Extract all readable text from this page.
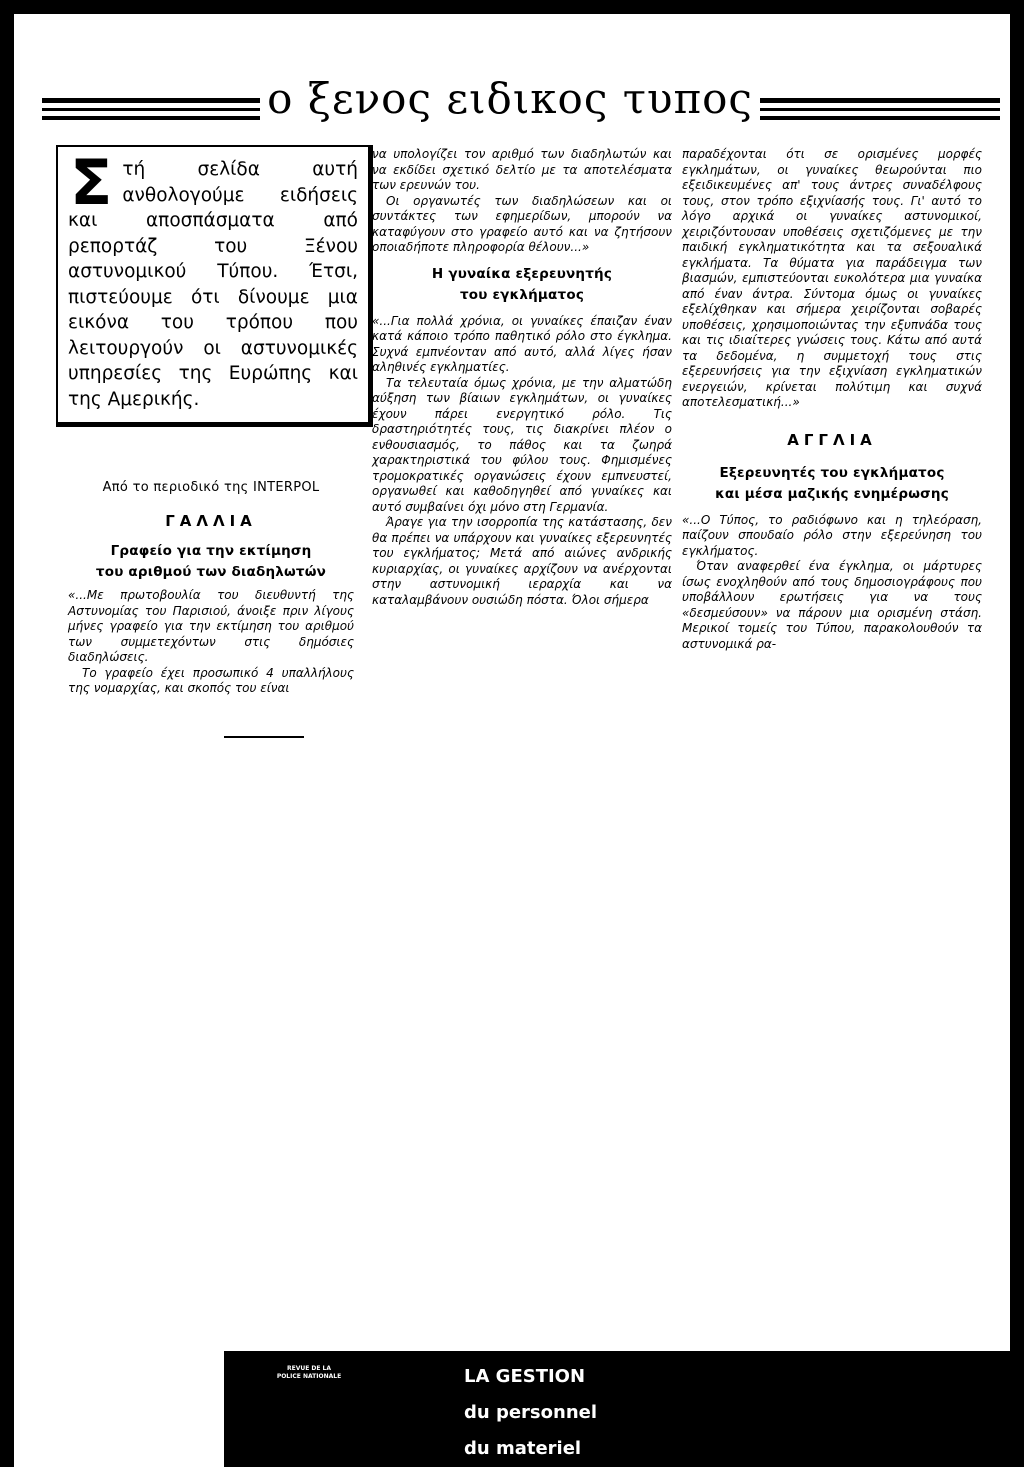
ο ξενος ειδικος τυπος
Σ τή σελίδα αυτή ανθολογούμε ειδήσεις και αποσπάσματα από ρεπορτάζ του Ξένου αστυνομικού Τύπου. Έτσι, πιστεύουμε ότι δίνουμε μια εικόνα του τρόπου που λειτουργούν οι αστυνομικές υπηρεσίες της Ευρώπης και της Αμερικής.

Από το περιοδικό της INTERPOL

ΓΑΛΛΙΑ

Γραφείο για την εκτίμηση

του αριθμού των διαδηλωτών

«...Με πρωτοβουλία του διευθυντή της Αστυνομίας του Παρισιού, άνοιξε πριν λίγους μήνες γραφείο για την εκτίμηση του αριθμού των συμμετεχόντων στις δημόσιες διαδηλώσεις.

Το γραφείο έχει προσωπικό 4 υπαλλήλους της νομαρχίας, και σκοπός του είναι

να υπολογίζει τον αριθμό των διαδηλωτών και να εκδίδει σχετικό δελτίο με τα αποτελέσματα των ερευνών του.

Οι οργανωτές των διαδηλώσεων και οι συντάκτες των εφημερίδων, μπορούν να καταφύγουν στο γραφείο αυτό και να ζητήσουν οποιαδήποτε πληροφορία θέλουν...»

Η γυναίκα εξερευνητής

του εγκλήματος

«...Για πολλά χρόνια, οι γυναίκες έπαιζαν έναν κατά κάποιο τρόπο παθητικό ρόλο στο έγκλημα. Συχνά εμπνέονταν από αυτό, αλλά λίγες ήσαν αληθινές εγκληματίες.

Τα τελευταία όμως χρόνια, με την αλματώδη αύξηση των βίαιων εγκλημάτων, οι γυναίκες έχουν πάρει ενεργητικό ρόλο. Τις δραστηριότητές τους, τις διακρίνει πλέον ο ενθουσιασμός, το πάθος και τα ζωηρά χαρακτηριστικά του φύλου τους. Φημισμένες τρομοκρατικές οργανώσεις έχουν εμπνευστεί, οργανωθεί και καθοδηγηθεί από γυναίκες και αυτό συμβαίνει όχι μόνο στη Γερμανία.

Άραγε για την ισορροπία της κατάστασης, δεν θα πρέπει να υπάρχουν και γυναίκες εξερευνητές του εγκλήματος; Μετά από αιώνες ανδρικής κυριαρχίας, οι γυναίκες αρχίζουν να ανέρχονται στην αστυνομική ιεραρχία και να καταλαμβάνουν ουσιώδη πόστα. Όλοι σήμερα

παραδέχονται ότι σε ορισμένες μορφές εγκλημάτων, οι γυναίκες θεωρούνται πιο εξειδικευμένες απ' τους άντρες συναδέλφους τους, στον τρόπο εξιχνίασής τους. Γι' αυτό το λόγο αρχικά οι γυναίκες αστυνομικοί, χειριζόντουσαν υποθέσεις σχετιζόμενες με την παιδική εγκληματικότητα και τα σεξουαλικά εγκλήματα. Τα θύματα για παράδειγμα των βιασμών, εμπιστεύονται ευκολότερα μια γυναίκα από έναν άντρα. Σύντομα όμως οι γυναίκες εξελίχθηκαν και σήμερα χειρίζονται σοβαρές υποθέσεις, χρησιμοποιώντας την εξυπνάδα τους και τις ιδιαίτερες γνώσεις τους. Κάτω από αυτά τα δεδομένα, η συμμετοχή τους στις εξερευνήσεις για την εξιχνίαση εγκληματικών ενεργειών, κρίνεται πολύτιμη και συχνά αποτελεσματική...»

ΑΓΓΛΙΑ

Εξερευνητές του εγκλήματος

και μέσα μαζικής ενημέρωσης

«...Ο Τύπος, το ραδιόφωνο και η τηλεόραση, παίζουν σπουδαίο ρόλο στην εξερεύνηση του εγκλήματος.

Όταν αναφερθεί ένα έγκλημα, οι μάρτυρες ίσως ενοχληθούν από τους δημοσιογράφους που υποβάλλουν ερωτήσεις για να τους «δεσμεύσουν» να πάρουν μια ορισμένη στάση. Μερικοί τομείς του Τύπου, παρακολουθούν τα αστυνομικά ρα-

REVUE DE LA
POLICE NATIONALE	LA GESTION
du personnel
du materiel
